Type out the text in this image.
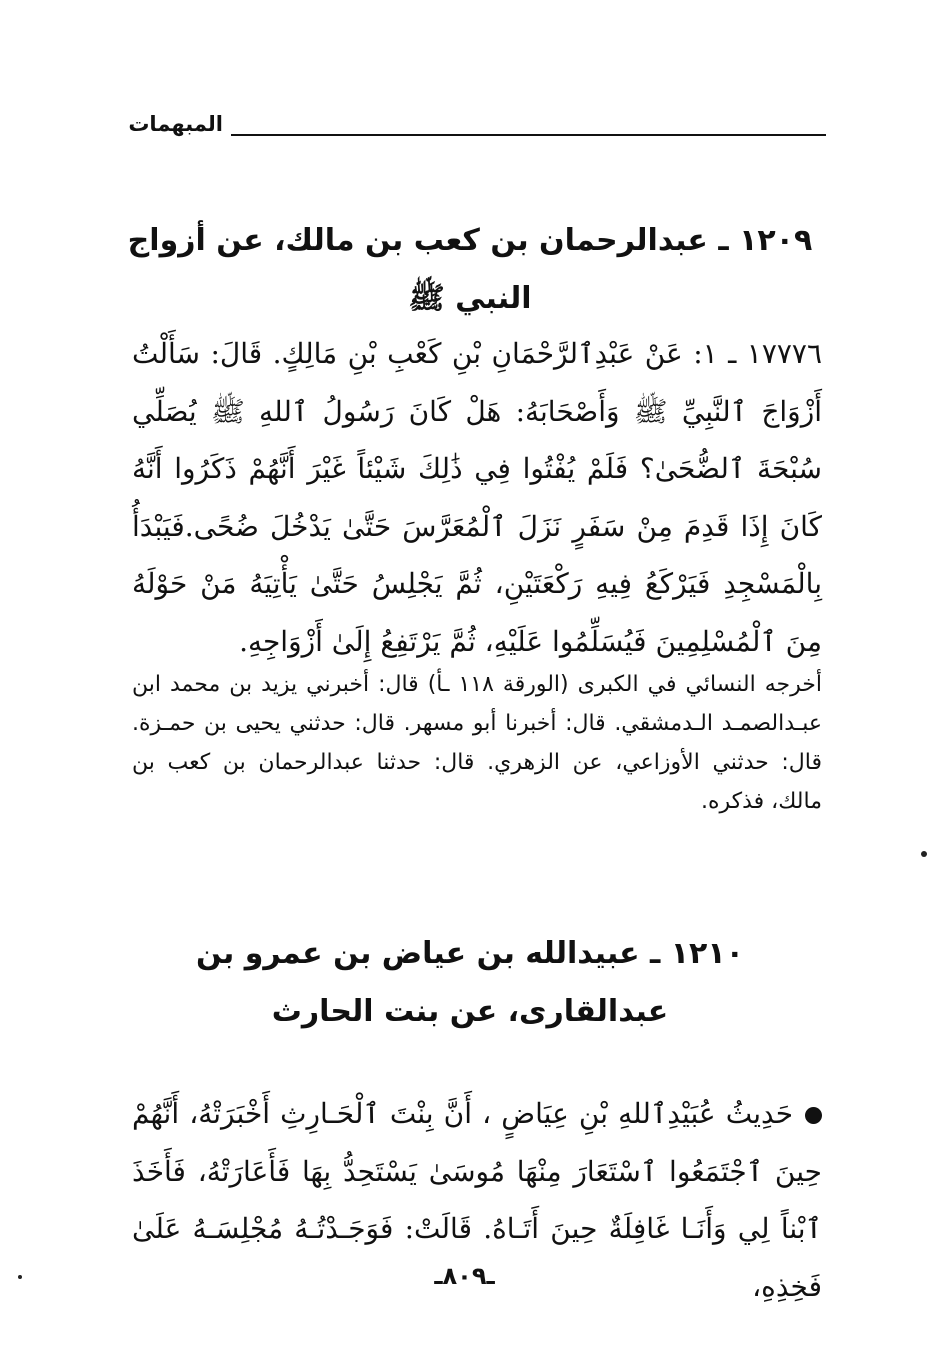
المبهمات
١٢٠٩ ـ عبدالرحمان بن كعب بن مالك، عن أزواج النبي ﷺ
١٧٧٧٦ ـ ١: عَنْ عَبْدِٱلرَّحْمَانِ بْنِ كَعْبِ بْنِ مَالِكٍ. قَالَ: سَأَلْتُ أَزْوَاجَ ٱلنَّبِيِّ ﷺ وَأَصْحَابَهُ: هَلْ كَانَ رَسُولُ ٱللهِ ﷺ يُصَلِّي سُبْحَةَ ٱلضُّحَىٰ؟ فَلَمْ يُفْتُوا فِي ذَٰلِكَ شَيْئاً غَيْرَ أَنَّهُمْ ذَكَرُوا أَنَّهُ كَانَ إِذَا قَدِمَ مِنْ سَفَرٍ نَزَلَ ٱلْمُعَرَّسَ حَتَّىٰ يَدْخُلَ ضُحًى.فَيَبْدَأُ بِالْمَسْجِدِ فَيَرْكَعُ فِيهِ رَكْعَتَيْنِ، ثُمَّ يَجْلِسُ حَتَّىٰ يَأْتِيَهُ مَنْ حَوْلَهُ مِنَ ٱلْمُسْلِمِينَ فَيُسَلِّمُوا عَلَيْهِ، ثُمَّ يَرْتَفِعُ إِلَىٰ أَزْوَاجِهِ.
أخرجه النسائي في الكبرى (الورقة ١١٨ ـأ) قال: أخبرني يزيد بن محمد ابن عبـدالصمـد الـدمشقي. قال: أخبرنا أبو مسهر. قال: حدثني يحيى بن حمـزة. قال: حدثني الأوزاعي، عن الزهري. قال: حدثنا عبدالرحمان بن كعب بن مالك، فذكره.
١٢١٠ ـ عبيدالله بن عياض بن عمرو بن عبدالقارى، عن بنت الحارث
حَدِيثُ عُبَيْدِٱللهِ بْنِ عِيَاضٍ ، أَنَّ بِنْتَ ٱلْحَـارِثِ أَخْبَرَتْهُ، أَنَّهُمْ حِينَ ٱجْتَمَعُوا ٱسْتَعَارَ مِنْهَا مُوسَىٰ يَسْتَحِدُّ بِهَا فَأَعَارَتْهُ، فَأَخَذَ ٱبْناً لِي وَأَنَـا غَافِلَةٌ حِينَ أَتَـاهُ. قَالَتْ: فَوَجَـدْتُـهُ مُجْلِسَـهُ عَلَىٰ فَخِذِهِ،
ـ٨٠٩ـ
